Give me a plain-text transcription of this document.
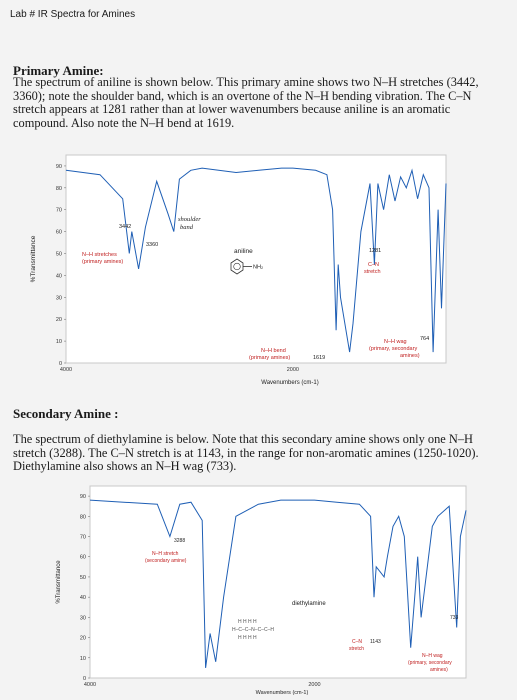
Lab # IR Spectra for Amines
Primary Amine:
The spectrum of aniline is shown below. This primary amine shows two N–H stretches (3442, 3360); note the shoulder band, which is an overtone of the N–H bending vibration. The C–N stretch appears at 1281 rather than at lower wavenumbers because aniline is an aromatic compound. Also note the N–H bend at 1619.
90
80
70
60
50
40
30
20
10
0
4000	2000
%Transmittance
Wavenumbers (cm-1)
NH₂
aniline
3442
3360
shoulder
band
N–H stretches
(primary amines)
N–H bend
(primary amines)	1619
1281
C–N
stretch
764
N–H wag
(primary, secondary
amines)
Secondary Amine :
The spectrum of diethylamine is below. Note that this secondary amine shows only one N–H stretch (3288). The C–N stretch is at 1143, in the range for non-aromatic amines (1250-1020). Diethylamine also shows an N–H wag (733).
90
80
70
60
50
40
30
20
10
0
4000	2000
%Transmittance
Wavenumbers (cm-1)
diethylamine
H H H H
H–C–C–N–C–C–H
H H H H
3288
N–H stretch
(secondary amine)
733
C–N 1143
stretch
N–H wag
(primary, secondary
amines)
